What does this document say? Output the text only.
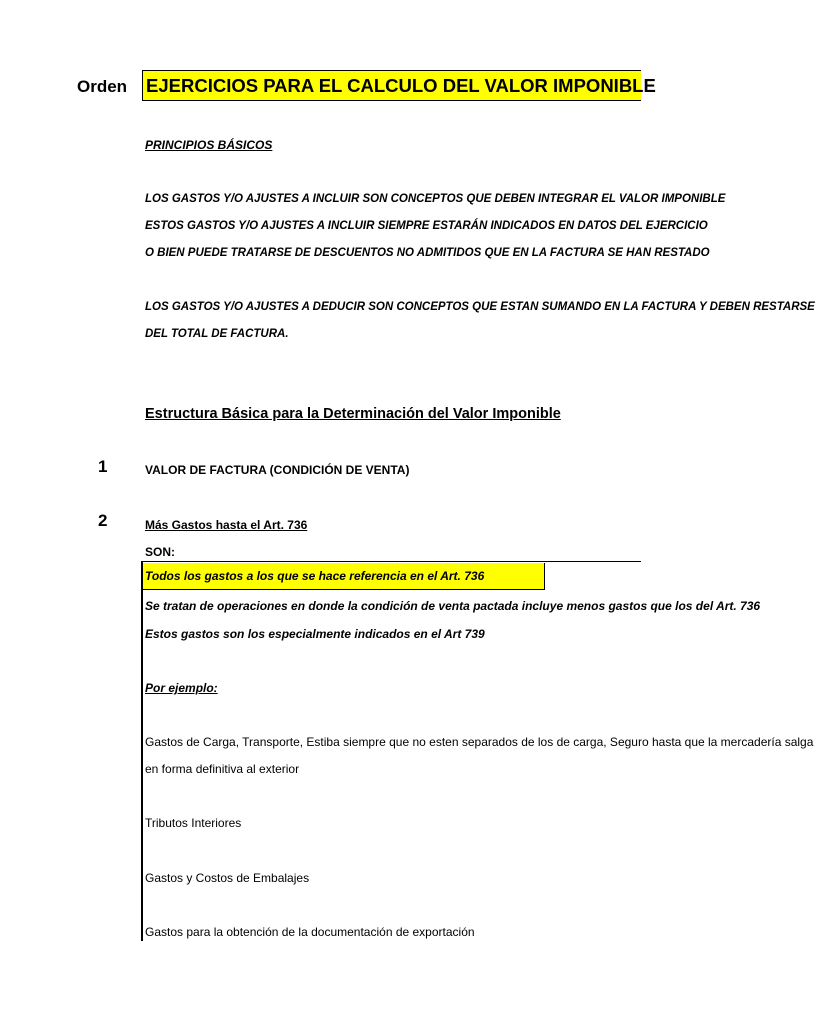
Orden EJERCICIOS PARA EL CALCULO DEL VALOR IMPONIBLE
PRINCIPIOS BÁSICOS
LOS GASTOS Y/O AJUSTES A INCLUIR SON CONCEPTOS QUE DEBEN INTEGRAR EL VALOR IMPONIBLE
ESTOS GASTOS Y/O AJUSTES A INCLUIR SIEMPRE ESTARÁN INDICADOS EN DATOS DEL EJERCICIO
O BIEN PUEDE TRATARSE DE DESCUENTOS NO ADMITIDOS QUE EN LA FACTURA SE HAN RESTADO
LOS GASTOS Y/O AJUSTES A DEDUCIR SON CONCEPTOS QUE ESTAN SUMANDO EN LA FACTURA Y DEBEN RESTARSE
DEL TOTAL DE FACTURA.
Estructura Básica para la Determinación del Valor Imponible
1	VALOR DE FACTURA (CONDICIÓN DE VENTA)
2	Más Gastos hasta el Art. 736
SON:
Todos los gastos a los que se hace referencia en el Art. 736
Se tratan de operaciones en donde la condición de venta pactada incluye menos gastos que los del Art. 736
Estos gastos son los especialmente indicados en el Art 739
Por ejemplo:
Gastos de Carga, Transporte, Estiba siempre que no esten separados de los de carga, Seguro hasta que la mercadería salga
en forma definitiva al exterior
Tributos Interiores
Gastos y Costos de Embalajes
Gastos para la obtención de la documentación de exportación
